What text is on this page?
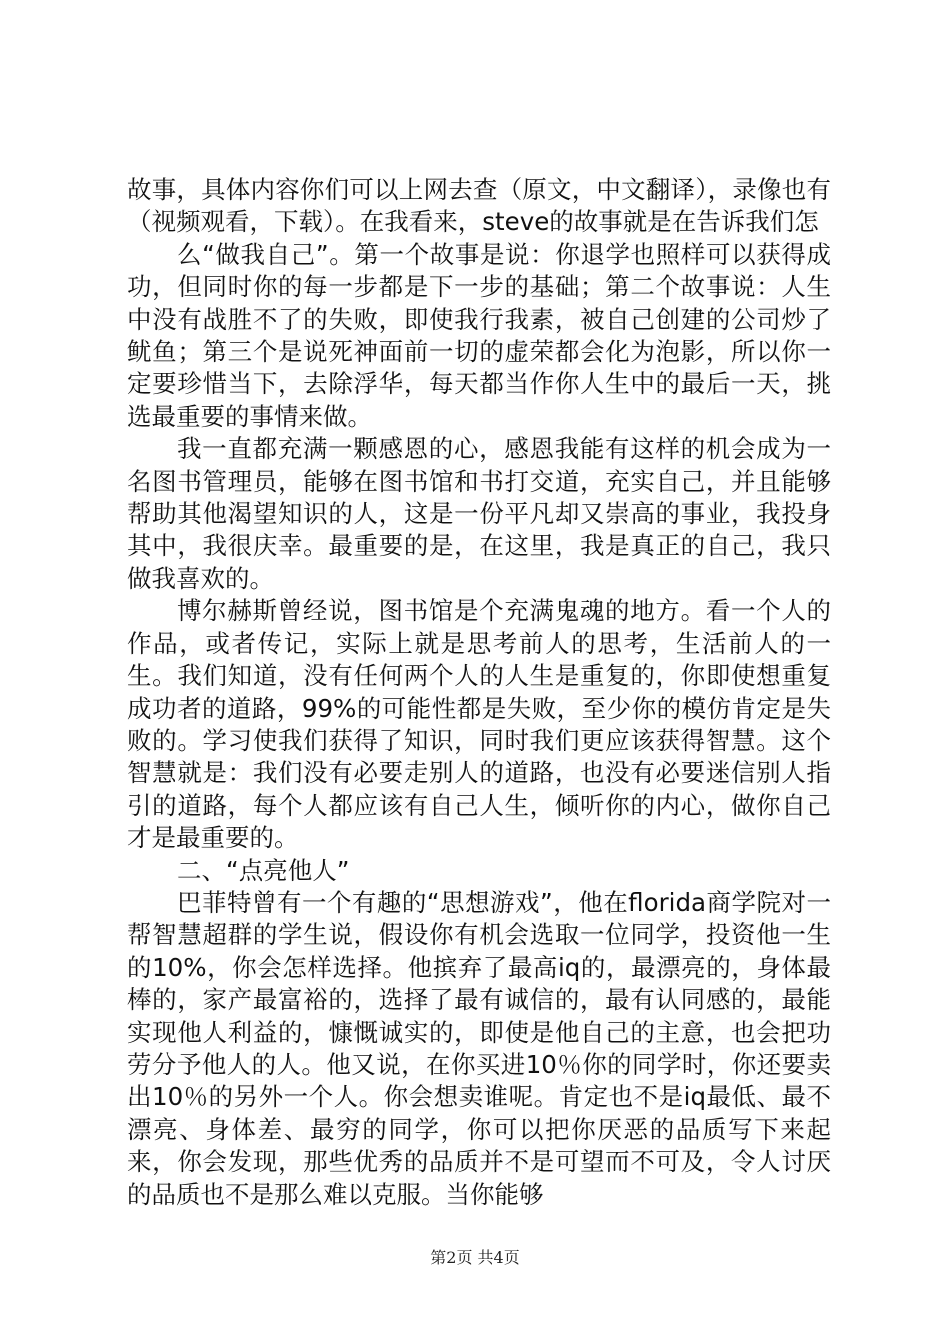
故事，具体内容你们可以上网去查（原文，中文翻译），录像也有（视频观看，下载）。在我看来，steve的故事就是在告诉我们怎

么“做我自己”。第一个故事是说：你退学也照样可以获得成功，但同时你的每一步都是下一步的基础；第二个故事说：人生中没有战胜不了的失败，即使我行我素，被自己创建的公司炒了鱿鱼；第三个是说死神面前一切的虚荣都会化为泡影，所以你一定要珍惜当下，去除浮华，每天都当作你人生中的最后一天，挑选最重要的事情来做。

我一直都充满一颗感恩的心，感恩我能有这样的机会成为一名图书管理员，能够在图书馆和书打交道，充实自己，并且能够帮助其他渴望知识的人，这是一份平凡却又崇高的事业，我投身其中，我很庆幸。最重要的是，在这里，我是真正的自己，我只做我喜欢的。

博尔赫斯曾经说，图书馆是个充满鬼魂的地方。看一个人的作品，或者传记，实际上就是思考前人的思考，生活前人的一生。我们知道，没有任何两个人的人生是重复的，你即使想重复成功者的道路，99%的可能性都是失败，至少你的模仿肯定是失败的。学习使我们获得了知识，同时我们更应该获得智慧。这个智慧就是：我们没有必要走别人的道路，也没有必要迷信别人指引的道路，每个人都应该有自己人生，倾听你的内心，做你自己才是最重要的。

二、“点亮他人”

巴菲特曾有一个有趣的“思想游戏”，他在florida商学院对一帮智慧超群的学生说，假设你有机会选取一位同学，投资他一生的10%，你会怎样选择。他摈弃了最高iq的，最漂亮的，身体最棒的，家产最富裕的，选择了最有诚信的，最有认同感的，最能实现他人利益的，慷慨诚实的，即使是他自己的主意，也会把功劳分予他人的人。他又说，在你买进10％你的同学时，你还要卖出10％的另外一个人。你会想卖谁呢。肯定也不是iq最低、最不漂亮、身体差、最穷的同学，你可以把你厌恶的品质写下来起来，你会发现，那些优秀的品质并不是可望而不可及，令人讨厌的品质也不是那么难以克服。当你能够

第2页 共4页
